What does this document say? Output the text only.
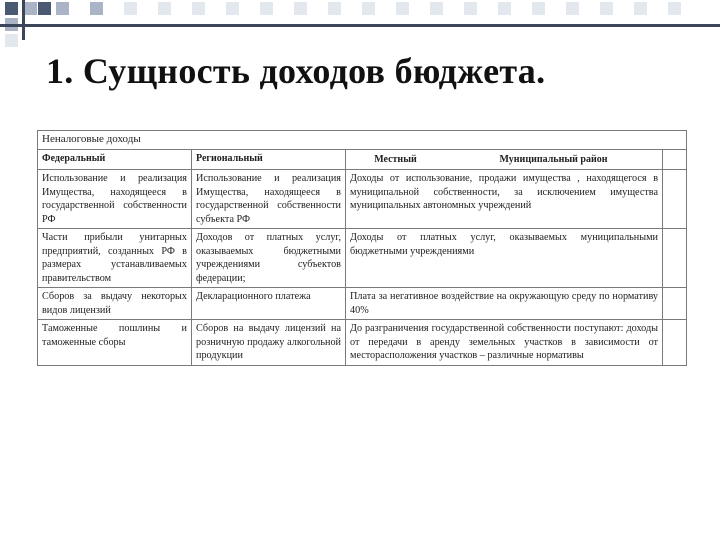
1. Сущность доходов бюджета.
Неналоговые доходы			
Федеральный	Региональный	Местный Муниципальный район	

Использование и реализация Имущества, находящееся в государственной собственности РФ	Использование и реализация Имущества, находящееся в государственной собственности субъекта РФ	Доходы от использование, продажи имущества , находящегося в муниципальной собственности, за исключением имущества муниципальных автономных учреждений	
Части прибыли унитарных предприятий, созданных РФ в размерах устанавливаемых правительством	Доходов от платных услуг, оказываемых бюджетными учреждениями субъектов федерации;	Доходы от платных услуг, оказываемых муниципальными бюджетными учреждениями	
Сборов за выдачу некоторых видов лицензий	Декларационного платежа	Плата за негативное воздействие на окружающую среду по нормативу 40%	
Таможенные пошлины и таможенные сборы	Сборов на выдачу лицензий на розничную продажу алкогольной продукции	До разграничения государственной собственности поступают: доходы от передачи в аренду земельных участков в зависимости от месторасположения участков – различные нормативы	
